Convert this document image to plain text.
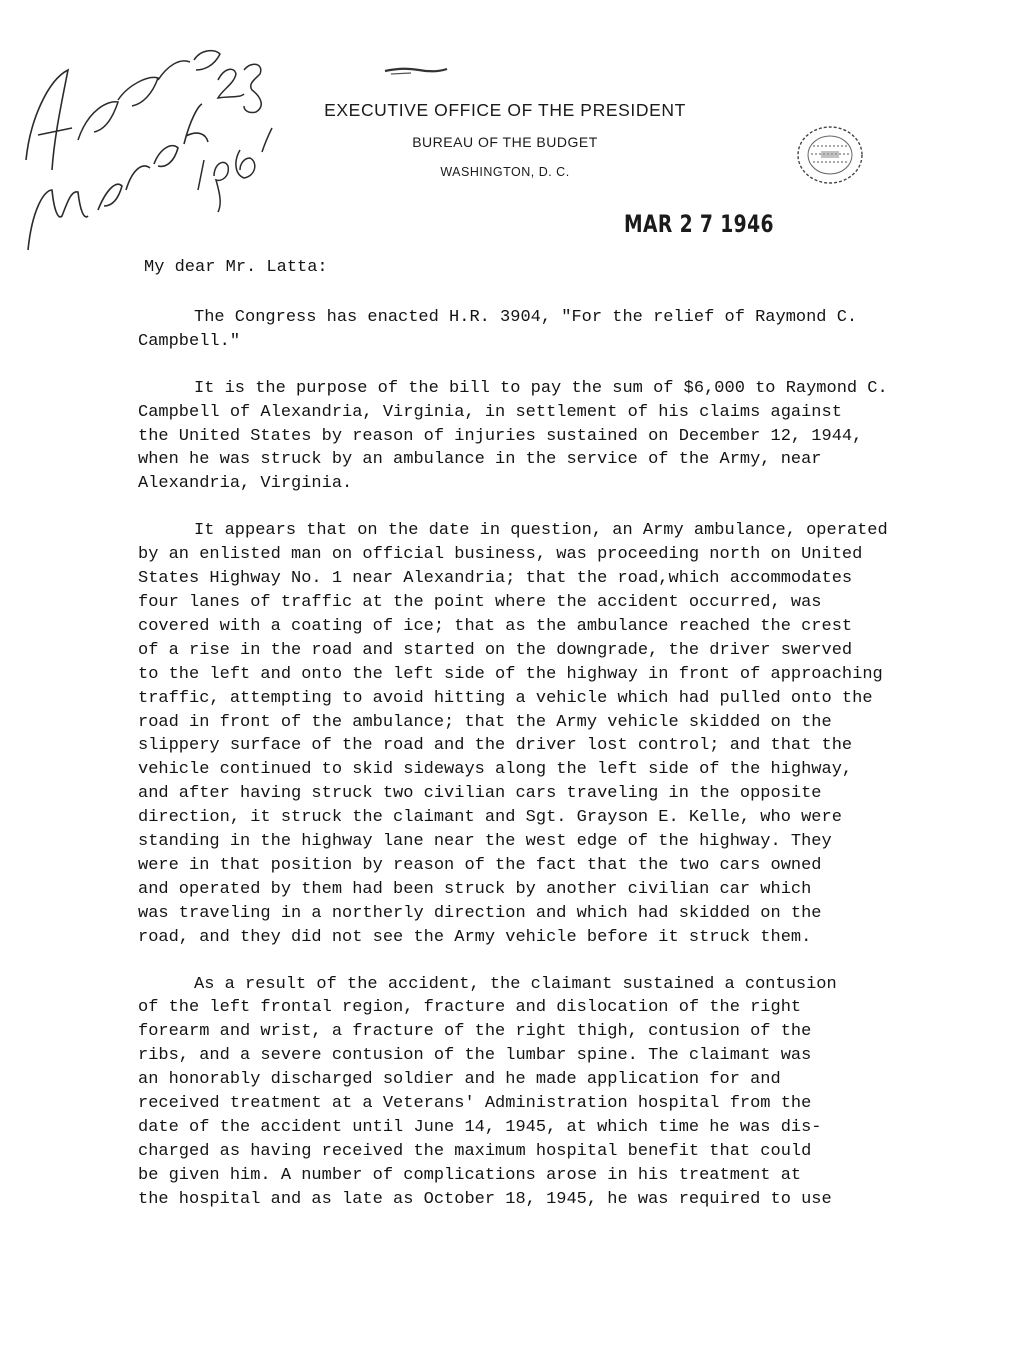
EXECUTIVE OFFICE OF THE PRESIDENT
BUREAU OF THE BUDGET
WASHINGTON, D. C.
MAR 2 7 1946
My dear Mr. Latta:
The Congress has enacted H.R. 3904, "For the relief of Raymond C.
Campbell."
It is the purpose of the bill to pay the sum of $6,000 to Raymond C.
Campbell of Alexandria, Virginia, in settlement of his claims against
the United States by reason of injuries sustained on December 12, 1944,
when he was struck by an ambulance in the service of the Army, near
Alexandria, Virginia.
It appears that on the date in question, an Army ambulance, operated
by an enlisted man on official business, was proceeding north on United
States Highway No. 1 near Alexandria; that the road,which accommodates
four lanes of traffic at the point where the accident occurred, was
covered with a coating of ice; that as the ambulance reached the crest
of a rise in the road and started on the downgrade, the driver swerved
to the left and onto the left side of the highway in front of approaching
traffic, attempting to avoid hitting a vehicle which had pulled onto the
road in front of the ambulance; that the Army vehicle skidded on the
slippery surface of the road and the driver lost control; and that the
vehicle continued to skid sideways along the left side of the highway,
and after having struck two civilian cars traveling in the opposite
direction, it struck the claimant and Sgt. Grayson E. Kelle, who were
standing in the highway lane near the west edge of the highway. They
were in that position by reason of the fact that the two cars owned
and operated by them had been struck by another civilian car which
was traveling in a northerly direction and which had skidded on the
road, and they did not see the Army vehicle before it struck them.
As a result of the accident, the claimant sustained a contusion
of the left frontal region, fracture and dislocation of the right
forearm and wrist, a fracture of the right thigh, contusion of the
ribs, and a severe contusion of the lumbar spine. The claimant was
an honorably discharged soldier and he made application for and
received treatment at a Veterans' Administration hospital from the
date of the accident until June 14, 1945, at which time he was dis-
charged as having received the maximum hospital benefit that could
be given him. A number of complications arose in his treatment at
the hospital and as late as October 18, 1945, he was required to use
